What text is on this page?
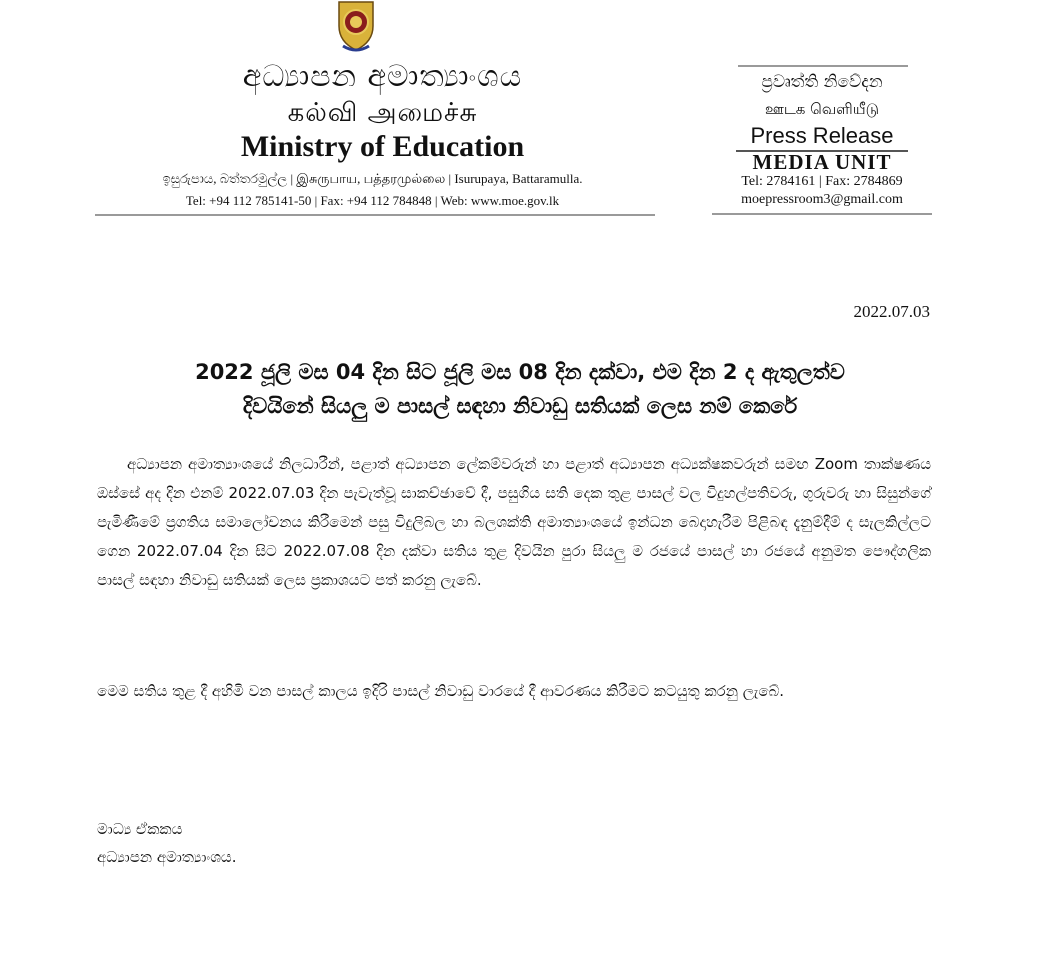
අධ්‍යාපන අමාත්‍යාංශය
கல்வி அமைச்சு
Ministry of Education
ඉසුරුපාය, බත්තරමුල්ල | இசுருபாய, பத்தரமுல்லை | Isurupaya, Battaramulla.
Tel: +94 112 785141-50 | Fax: +94 112 784848 | Web: www.moe.gov.lk
ප්‍රවෘත්ති නිවේදන
ஊடக வெளியீடு
Press Release
MEDIA UNIT
Tel: 2784161 | Fax: 2784869
moepressroom3@gmail.com
2022.07.03
2022 ජූලි මස 04 දින සිට ජූලි මස 08 දින දක්වා, එම දින 2 ද ඇතුලත්ව
දිවයිනේ සියලු ම පාසල් සඳහා නිවාඩු සතියක් ලෙස නම් කෙරේ
අධ්‍යාපන අමාත්‍යාංශයේ නිලධාරීන්, පළාත් අධ්‍යාපන ලේකම්වරුන් හා පළාත් අධ්‍යාපන අධ්‍යක්ෂකවරුන් සමඟ Zoom තාක්ෂණය ඔස්සේ අද දින එනම් 2022.07.03 දින පැවැත්වූ සාකච්ඡාවේ දී, පසුගිය සති දෙක තුළ පාසල් වල විදුහල්පතිවරු, ගුරුවරු හා සිසුන්ගේ පැමිණීමේ ප්‍රගතිය සමාලෝචනය කිරීමෙන් පසු විදුලිබල හා බලශක්ති අමාත්‍යාංශයේ ඉන්ධන බෙදාහැරීම පිළිබඳ දැනුම්දීම් ද සැලකිල්ලට ගෙන 2022.07.04 දින සිට 2022.07.08 දින දක්වා සතිය තුළ දිවයින පුරා සියලු ම රජයේ පාසල් හා රජයේ අනුමත පෞද්ගලික පාසල් සඳහා නිවාඩු සතියක් ලෙස ප්‍රකාශයට පත් කරනු ලැබේ.
මෙම සතිය තුළ දී අහිමි වන පාසල් කාලය ඉදිරි පාසල් නිවාඩු වාරයේ දී ආවරණය කිරීමට කටයුතු කරනු ලැබේ.
මාධ්‍ය ඒකකය
අධ්‍යාපන අමාත්‍යාංශය.
